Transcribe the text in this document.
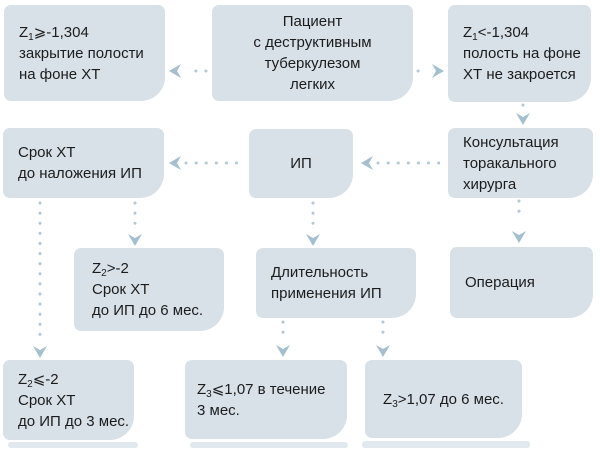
$Z_1⩾-1,304$
закрытие полости
на фоне ХТ
Пациент
с деструктивным
туберкулезом
легких
$Z_1<-1,304$
полость на фоне
ХТ не закроется
Срок ХТ
до наложения ИП
ИП
Консультация
торакального
хирурга
$Z_2>-2$
Срок ХТ
до ИП до 6 мес.
Длительность
применения ИП
Операция
$Z_2⩽-2$
Срок ХТ
до ИП до 3 мес.
$Z_3⩽1,07$ в течение
3 мес.
$Z_3>1,07$ до 6 мес.
